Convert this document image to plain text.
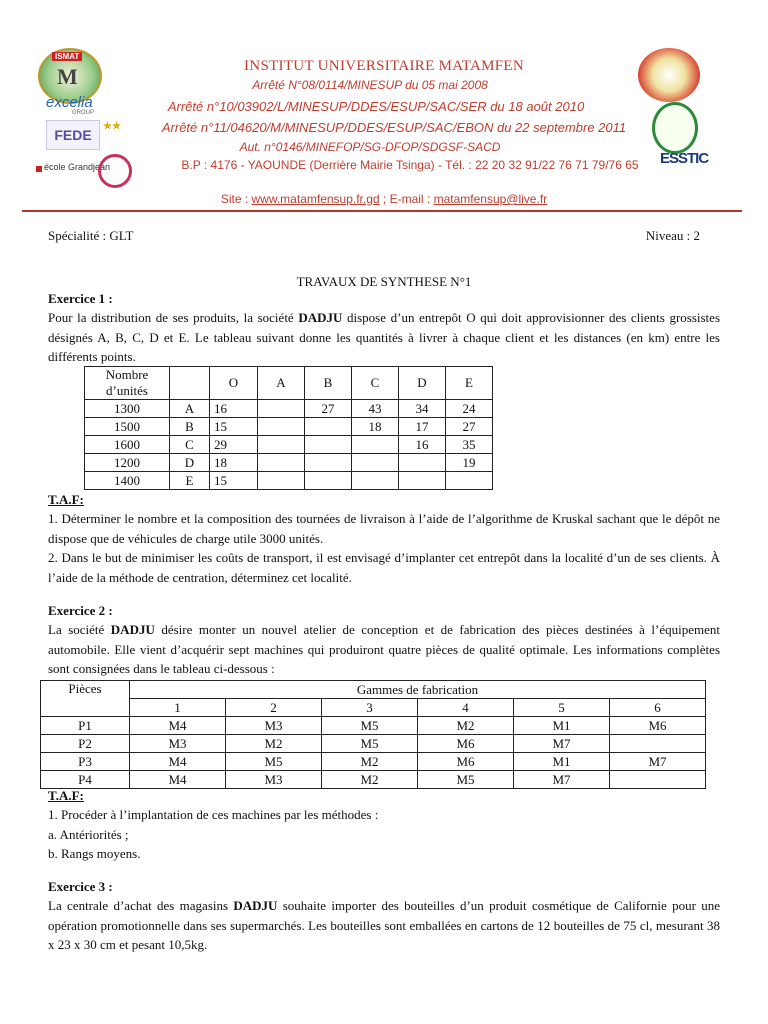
ISMAT
M
excelia
GROUP
FEDE
★★
école Grandjean	ESSTIC
INSTITUT UNIVERSITAIRE MATAMFEN
Arrêté N°08/0114/MINESUP du 05 mai 2008
Arrêté n°10/03902/L/MINESUP/DDES/ESUP/SAC/SER du 18 août 2010
Arrêté n°11/04620/M/MINESUP/DDES/ESUP/SAC/EBON du 22 septembre 2011
Aut. n°0146/MINEFOP/SG-DFOP/SDGSF-SACD
B.P : 4176 - YAOUNDE (Derrière Mairie Tsinga) - Tél. : 22 20 32 91/22 76 71 79/76 65
Site : www.matamfensup.fr.gd ; E-mail : matamfensup@live.fr
Spécialité : GLT	Niveau : 2
TRAVAUX DE SYNTHESE N°1
Exercice 1 :

Pour la distribution de ses produits, la société DADJU dispose d’un entrepôt O qui doit approvisionner des clients grossistes désignés A, B, C, D et E. Le tableau suivant donne les quantités à livrer à chaque client et les distances (en km) entre les différents points.

Nombre d’unités		O	A	B	C	D	E
1300	A	16		27	43	34	24
1500	B	15			18	17	27
1600	C	29				16	35
1200	D	18					19
1400	E	15					
T.A.F:

1. Déterminer le nombre et la composition des tournées de livraison à l’aide de l’algorithme de Kruskal sachant que le dépôt ne dispose que de véhicules de charge utile 3000 unités.

2. Dans le but de minimiser les coûts de transport, il est envisagé d’implanter cet entrepôt dans la localité d’un de ses clients. À l’aide de la méthode de centration, déterminez cet localité.

Exercice 2 :

La société DADJU désire monter un nouvel atelier de conception et de fabrication des pièces destinées à l’équipement automobile. Elle vient d’acquérir sept machines qui produiront quatre pièces de qualité optimale. Les informations complètes sont consignées dans le tableau ci-dessous :

Pièces	Gammes de fabrication					
	1	2	3	4	5	6
P1	M4	M3	M5	M2	M1	M6
P2	M3	M2	M5	M6	M7	
P3	M4	M5	M2	M6	M1	M7
P4	M4	M3	M2	M5	M7	
T.A.F:

1. Procéder à l’implantation de ces machines par les méthodes :

a. Antériorités ;

b. Rangs moyens.

Exercice 3 :

La centrale d’achat des magasins DADJU souhaite importer des bouteilles d’un produit cosmétique de Californie pour une opération promotionnelle dans ses supermarchés. Les bouteilles sont emballées en cartons de 12 bouteilles de 75 cl, mesurant 38 x 23 x 30 cm et pesant 10,5kg.
